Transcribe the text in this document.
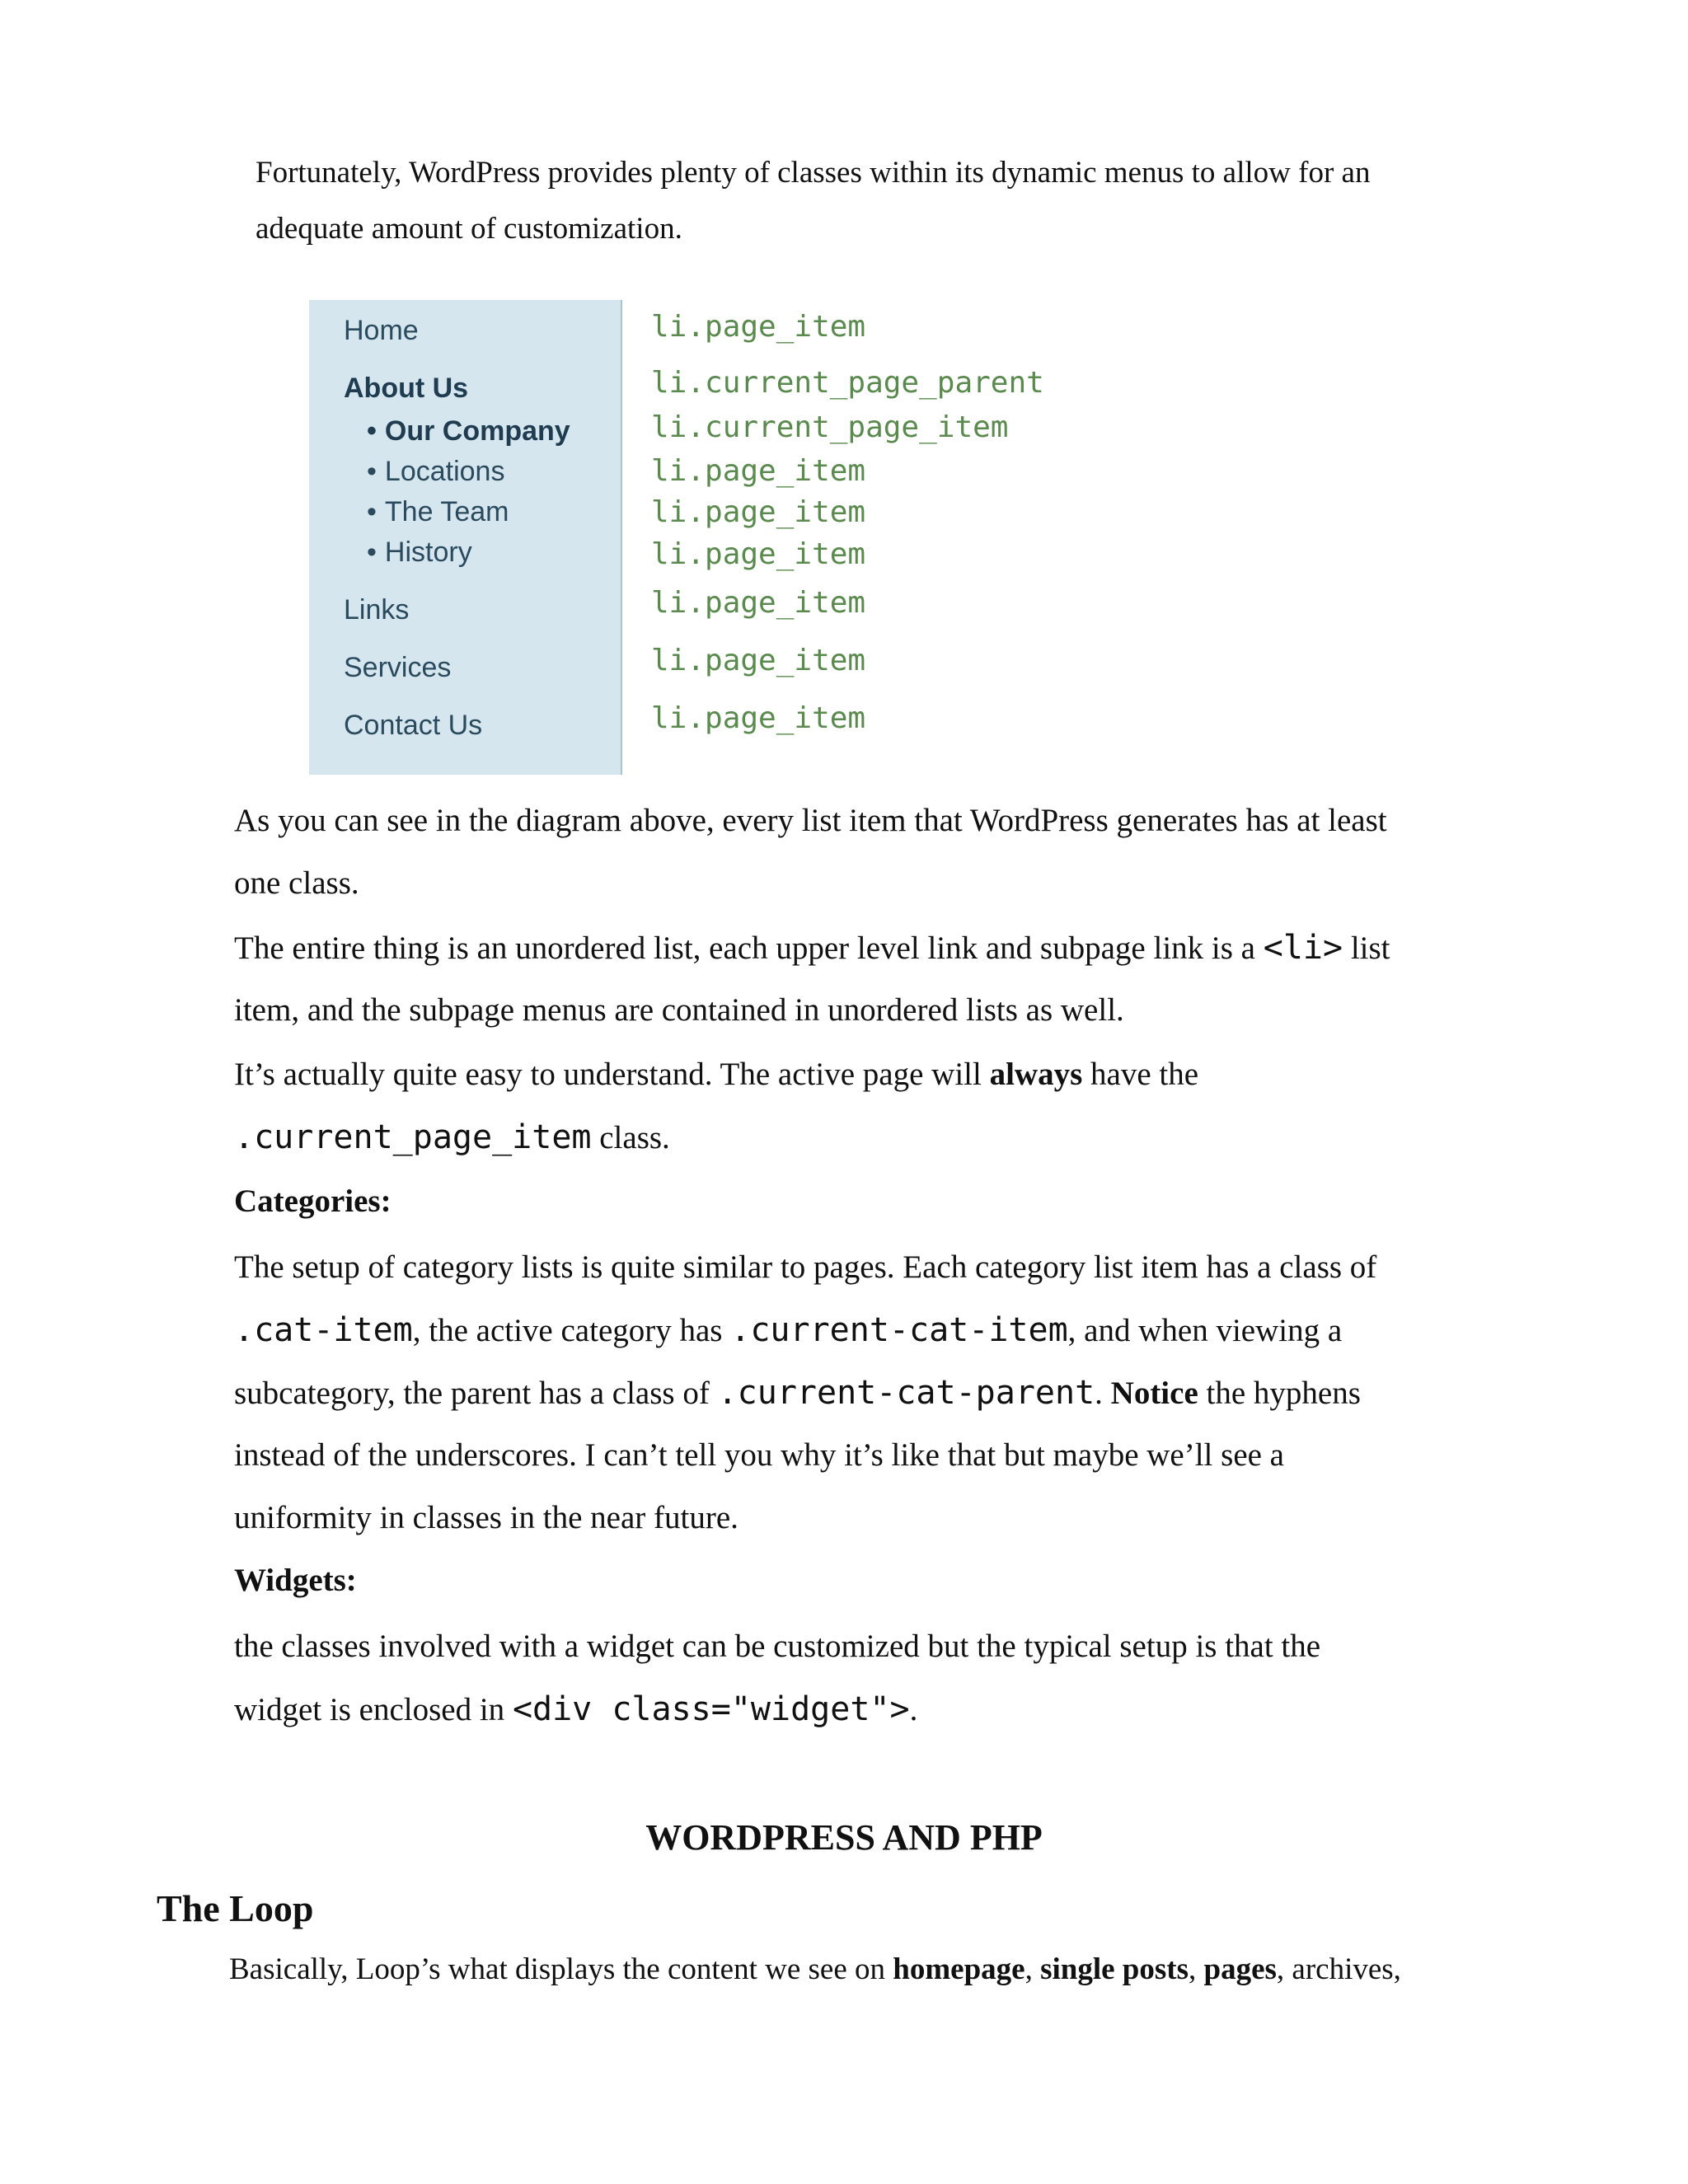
Fortunately, WordPress provides plenty of classes within its dynamic menus to allow for an

adequate amount of customization.

Home
About Us
• Our Company
• Locations
• The Team
• History
Links
Services
Contact Us
li.page_item
li.current_page_parent
li.current_page_item
li.page_item
li.page_item
li.page_item
li.page_item
li.page_item
li.page_item

As you can see in the diagram above, every list item that WordPress generates has at least

one class.

The entire thing is an unordered list, each upper level link and subpage link is a <li> list

item, and the subpage menus are contained in unordered lists as well.

It’s actually quite easy to understand. The active page will always have the

.current_page_item class.

Categories:

The setup of category lists is quite similar to pages. Each category list item has a class of

.cat-item, the active category has .current-cat-item, and when viewing a

subcategory, the parent has a class of .current-cat-parent. Notice the hyphens

instead of the underscores. I can’t tell you why it’s like that but maybe we’ll see a

uniformity in classes in the near future.

Widgets:

the classes involved with a widget can be customized but the typical setup is that the

widget is enclosed in <div class="widget">.

WORDPRESS AND PHP
The Loop

Basically, Loop’s what displays the content we see on homepage, single posts, pages, archives,
